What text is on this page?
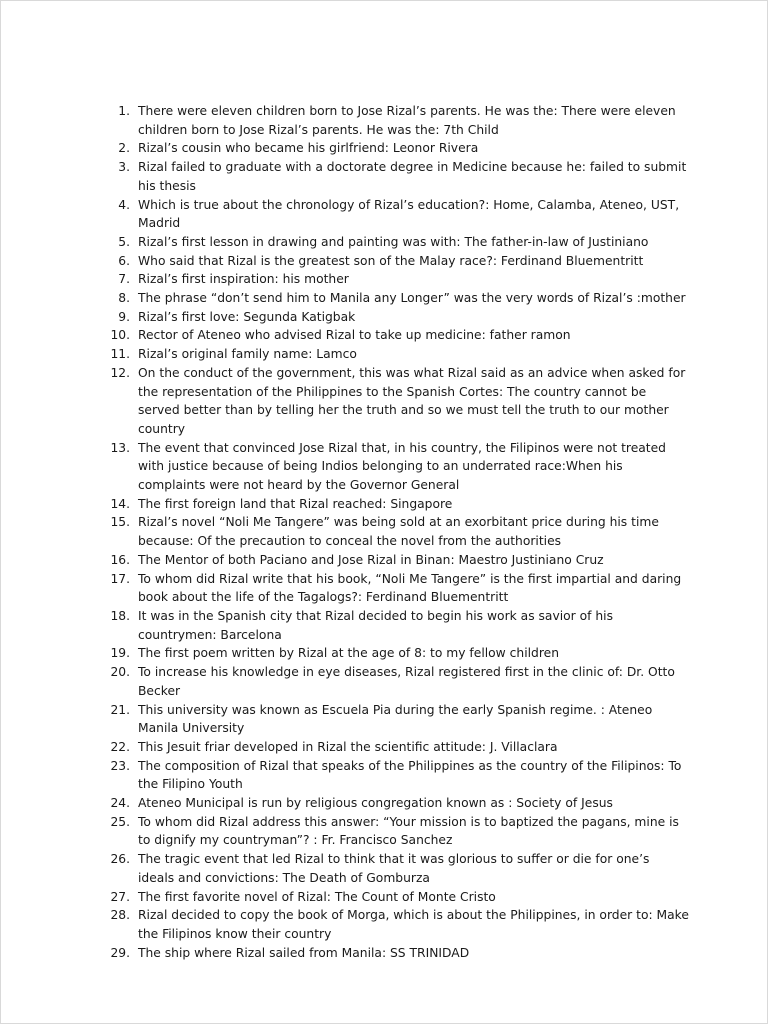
1. There were eleven children born to Jose Rizal’s parents. He was the: There were eleven children born to Jose Rizal’s parents. He was the: 7th Child
2. Rizal’s cousin who became his girlfriend: Leonor Rivera
3. Rizal failed to graduate with a doctorate degree in Medicine because he: failed to submit his thesis
4. Which is true about the chronology of Rizal’s education?: Home, Calamba, Ateneo, UST, Madrid
5. Rizal’s first lesson in drawing and painting was with: The father-in-law of Justiniano
6. Who said that Rizal is the greatest son of the Malay race?: Ferdinand Bluementritt
7. Rizal’s first inspiration: his mother
8. The phrase “don’t send him to Manila any Longer” was the very words of Rizal’s :mother
9. Rizal’s first love: Segunda Katigbak
10. Rector of Ateneo who advised Rizal to take up medicine: father ramon
11. Rizal’s original family name: Lamco
12. On the conduct of the government, this was what Rizal said as an advice when asked for the representation of the Philippines to the Spanish Cortes: The country cannot be served better than by telling her the truth and so we must tell the truth to our mother country
13. The event that convinced Jose Rizal that, in his country, the Filipinos were not treated with justice because of being Indios belonging to an underrated race:When his complaints were not heard by the Governor General
14. The first foreign land that Rizal reached: Singapore
15. Rizal’s novel “Noli Me Tangere” was being sold at an exorbitant price during his time because: Of the precaution to conceal the novel from the authorities
16. The Mentor of both Paciano and Jose Rizal in Binan: Maestro Justiniano Cruz
17. To whom did Rizal write that his book, “Noli Me Tangere” is the first impartial and daring book about the life of the Tagalogs?: Ferdinand Bluementritt
18. It was in the Spanish city that Rizal decided to begin his work as savior of his countrymen: Barcelona
19. The first poem written by Rizal at the age of 8: to my fellow children
20. To increase his knowledge in eye diseases, Rizal registered first in the clinic of: Dr. Otto Becker
21. This university was known as Escuela Pia during the early Spanish regime. : Ateneo Manila University
22. This Jesuit friar developed in Rizal the scientific attitude: J. Villaclara
23. The composition of Rizal that speaks of the Philippines as the country of the Filipinos: To the Filipino Youth
24. Ateneo Municipal is run by religious congregation known as : Society of Jesus
25. To whom did Rizal address this answer: “Your mission is to baptized the pagans, mine is to dignify my countryman”? : Fr. Francisco Sanchez
26. The tragic event that led Rizal to think that it was glorious to suffer or die for one’s ideals and convictions: The Death of Gomburza
27. The first favorite novel of Rizal: The Count of Monte Cristo
28. Rizal decided to copy the book of Morga, which is about the Philippines, in order to: Make the Filipinos know their country
29. The ship where Rizal sailed from Manila: SS TRINIDAD
